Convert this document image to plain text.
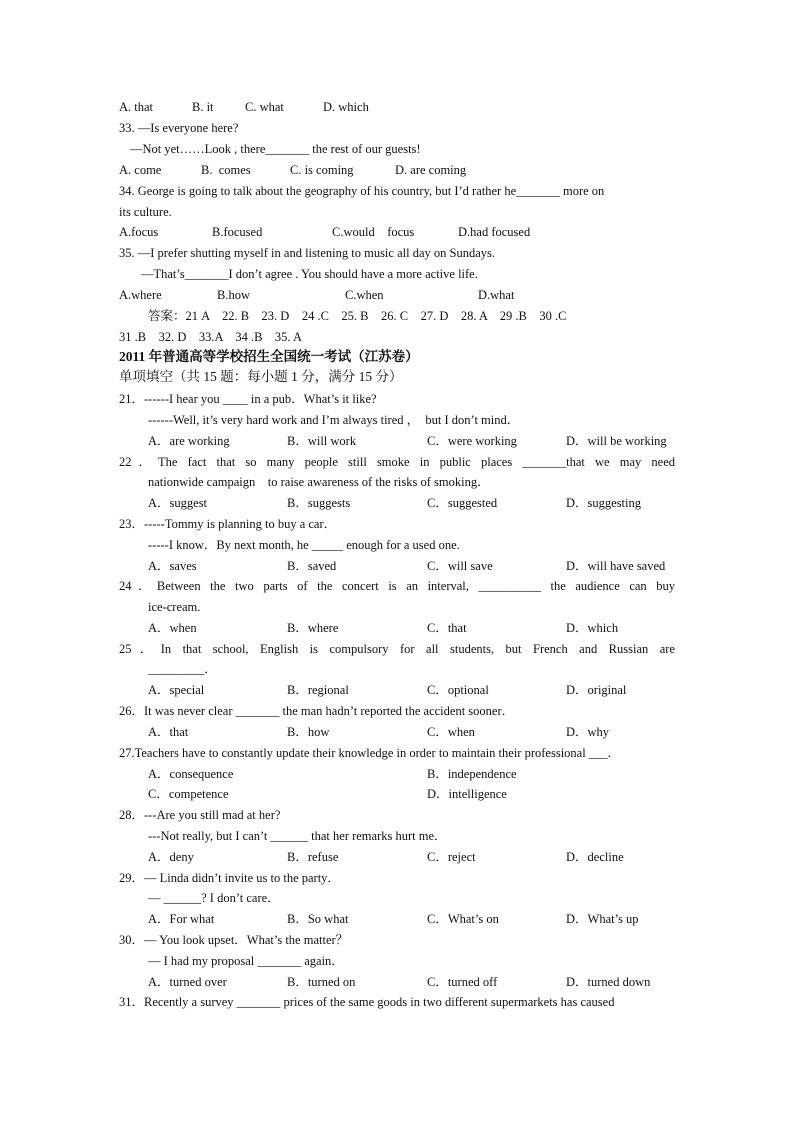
A. that	B. it	C. what	D. which
33. —Is everyone here?
—Not yet……Look , there_______ the rest of our guests!
A. come	B.  comes	C. is coming	D. are coming
34. George is going to talk about the geography of his country, but I’d rather he_______ more on
its culture.
A.focus	B.focused	C.would    focus	D.had focused
35. —I prefer shutting myself in and listening to music all day on Sundays.
—That’s_______I don’t agree . You should have a more active life.
A.where	B.how	C.when	D.what
答案：21 A    22. B    23. D    24 .C    25. B    26. C    27. D    28. A    29 .B    30 .C
31 .B    32. D    33.A    34 .B    35. A
2011 年普通高等学校招生全国统一考试（江苏卷）
单项填空（共 15 题：每小题 1 分，满分 15 分）
21．------I hear you ____ in a pub．What’s it like?
------Well, it’s very hard work and I’m always tired ，  but I don’t mind．
A．are working	B．will work	C．were working	D．will be working
22．The fact that so many people still smoke in public places _______that we may need
nationwide campaign    to raise awareness of the risks of smoking．
A．suggest	B．suggests	C．suggested	D．suggesting
23．-----Tommy is planning to buy a car．
-----I know．By next month, he _____ enough for a used one.
A．saves	B．saved	C．will save	D．will have saved
24．Between the two parts of the concert is an interval, __________ the audience can buy
ice-cream.
A．when	B．where	C．that	D．which
25．In that school, English is compulsory for all students, but French and Russian are
_________．
A．special	B．regional	C．optional	D．original
26．It was never clear _______ the man hadn’t reported the accident sooner．
A．that	B．how	C．when	D．why
27.Teachers have to constantly update their knowledge in order to maintain their professional ___．
A．consequence	B．independence
C．competence	D．intelligence
28．---Are you still mad at her?
---Not really, but I can’t ______ that her remarks hurt me．
A．deny	B．refuse	C．reject	D．decline
29．— Linda didn’t invite us to the party．
— ______? I don’t care．
A．For what	B．So what	C．What’s on	D．What’s up
30．— You look upset．What’s the matter？
— I had my proposal _______ again．
A．turned over	B．turned on	C．turned off	D．turned down
31．Recently a survey _______ prices of the same goods in two different supermarkets has caused
